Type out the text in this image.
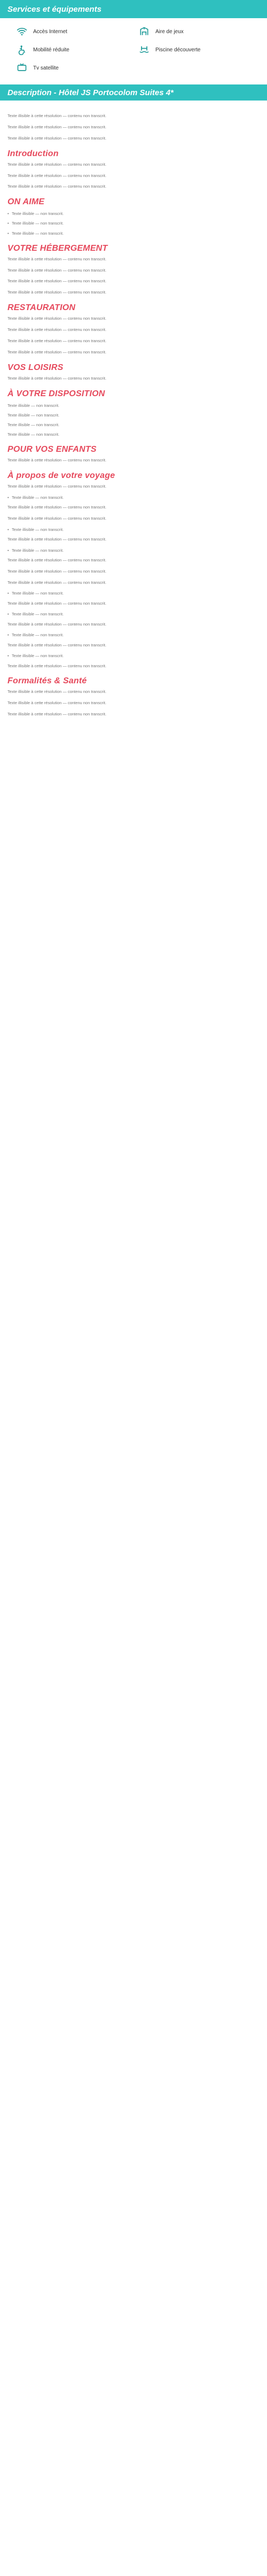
Services et équipements
Accès Internet	Aire de jeux
Mobilité réduite	Piscine découverte
Tv satellite
Description - Hôtel JS Portocolom Suites 4*

Texte illisible à cette résolution — contenu non transcrit.

Texte illisible à cette résolution — contenu non transcrit.

Texte illisible à cette résolution — contenu non transcrit.

Introduction

Texte illisible à cette résolution — contenu non transcrit.

Texte illisible à cette résolution — contenu non transcrit.

Texte illisible à cette résolution — contenu non transcrit.

ON AIME
• Texte illisible — non transcrit.
• Texte illisible — non transcrit.
• Texte illisible — non transcrit.
VOTRE HÉBERGEMENT

Texte illisible à cette résolution — contenu non transcrit.

Texte illisible à cette résolution — contenu non transcrit.

Texte illisible à cette résolution — contenu non transcrit.

Texte illisible à cette résolution — contenu non transcrit.

RESTAURATION

Texte illisible à cette résolution — contenu non transcrit.

Texte illisible à cette résolution — contenu non transcrit.

Texte illisible à cette résolution — contenu non transcrit.

Texte illisible à cette résolution — contenu non transcrit.

VOS LOISIRS

Texte illisible à cette résolution — contenu non transcrit.

À VOTRE DISPOSITION
Texte illisible — non transcrit.
Texte illisible — non transcrit.
Texte illisible — non transcrit.
Texte illisible — non transcrit.
POUR VOS ENFANTS

Texte illisible à cette résolution — contenu non transcrit.

À propos de votre voyage

Texte illisible à cette résolution — contenu non transcrit.

• Texte illisible — non transcrit.

Texte illisible à cette résolution — contenu non transcrit.

Texte illisible à cette résolution — contenu non transcrit.

• Texte illisible — non transcrit.

Texte illisible à cette résolution — contenu non transcrit.

• Texte illisible — non transcrit.

Texte illisible à cette résolution — contenu non transcrit.

Texte illisible à cette résolution — contenu non transcrit.

Texte illisible à cette résolution — contenu non transcrit.

• Texte illisible — non transcrit.

Texte illisible à cette résolution — contenu non transcrit.

• Texte illisible — non transcrit.

Texte illisible à cette résolution — contenu non transcrit.

• Texte illisible — non transcrit.

Texte illisible à cette résolution — contenu non transcrit.

• Texte illisible — non transcrit.

Texte illisible à cette résolution — contenu non transcrit.

Formalités & Santé

Texte illisible à cette résolution — contenu non transcrit.

Texte illisible à cette résolution — contenu non transcrit.

Texte illisible à cette résolution — contenu non transcrit.
